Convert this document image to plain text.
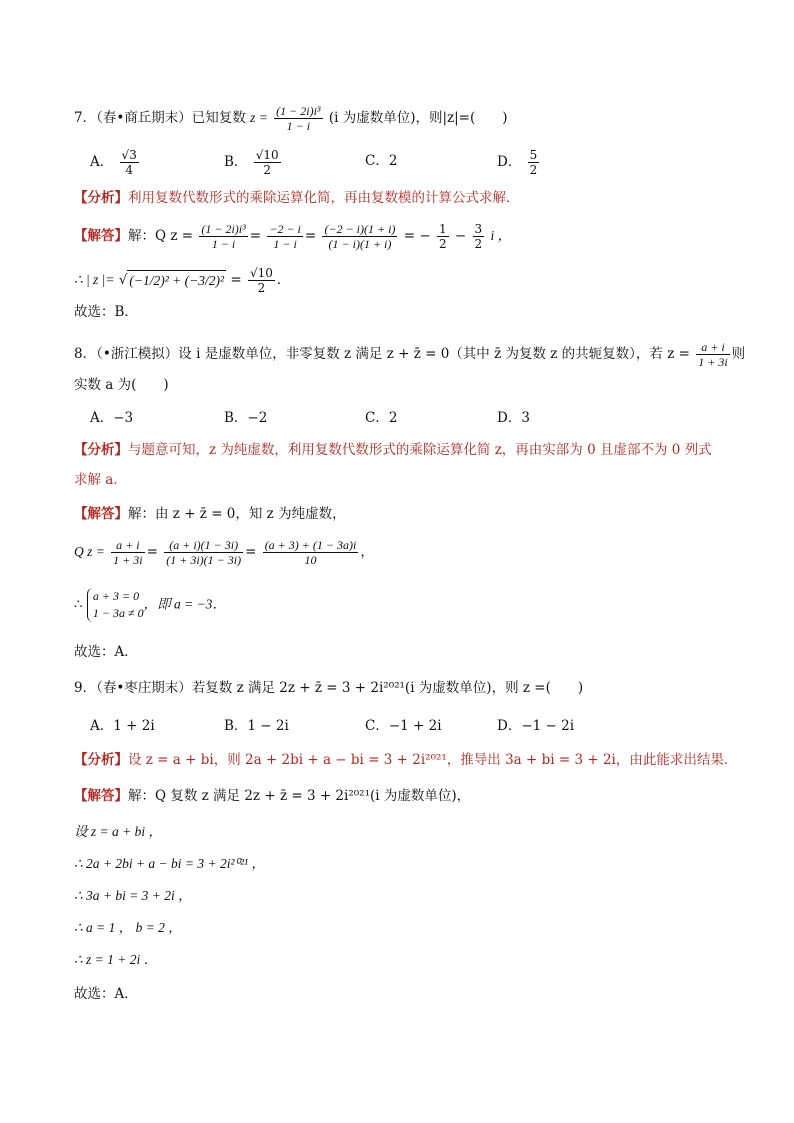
7．（春•商丘期末）已知复数 $z = \frac{\text{(1 − 2i)i³}}{1 - i} (i$ 为虚数单位)，则|z|=(　　)
A． $\frac{√3}{4}$	B． $\frac{√10}{2}$	C．2	D． $\frac{5}{2}$
【分析】利用复数代数形式的乘除运算化简，再由复数模的计算公式求解．
【解答】解：Q $z = \frac{\text{(1 − 2i)i³}}{1 - i} = \frac{-2 - i}{1 - i} = \frac{(-2 - i)(1 + i)}{(1 - i)(1 + i)}$ = − $\frac{1}{2} - \frac{3}{2}$ i ，
∴ | z |= √ $(-1/2)^2 + (-3/2)^2 = \frac{√10}{2}$ ．
故选：B．
8．（•浙江模拟）设 i 是虚数单位，非零复数 z 满足 z + z̄ = 0（其中 z̄ 为复数 z 的共轭复数），若 $z = \frac{a + i}{1 + 3i}$ 则
实数 a 为(　　)
A．−3	B．−2	C．2	D．3
【分析】与题意可知，z 为纯虚数，利用复数代数形式的乘除运算化简 z，再由实部为 0 且虚部不为 0 列式
求解 a．
【解答】解：由 z + z̄ = 0，知 z 为纯虚数，
Q $z = \frac{a + i}{1 + 3i} = \frac{(a + i)(1 - 3i)}{(1 + 3i)(1 - 3i)} = \frac{(a + 3) + (1 - 3a)i}{10}$ ，
∴
a + 3 = 0
1 − 3a ≠ 0
，即 a = −3．
故选：A．
9．（春•枣庄期末）若复数 z 满足 2z + z̄ = 3 + 2i²⁰²¹(i 为虚数单位)，则 z =(　　)
A．1 + 2i	B．1 − 2i	C．−1 + 2i	D．−1 − 2i
【分析】设 z = a + bi，则 2a + 2bi + a − bi = 3 + 2i²⁰²¹，推导出 3a + bi = 3 + 2i，由此能求出结果．
【解答】解：Q 复数 z 满足 2z + z̄ = 3 + 2i²⁰²¹(i 为虚数单位)，
设 z = a + bi ，
∴ 2a + 2bi + a − bi = 3 + 2i²⁰²¹ ，
∴ 3a + bi = 3 + 2i ，
∴ a = 1 ， b = 2 ，
∴ z = 1 + 2i ．
故选：A．
